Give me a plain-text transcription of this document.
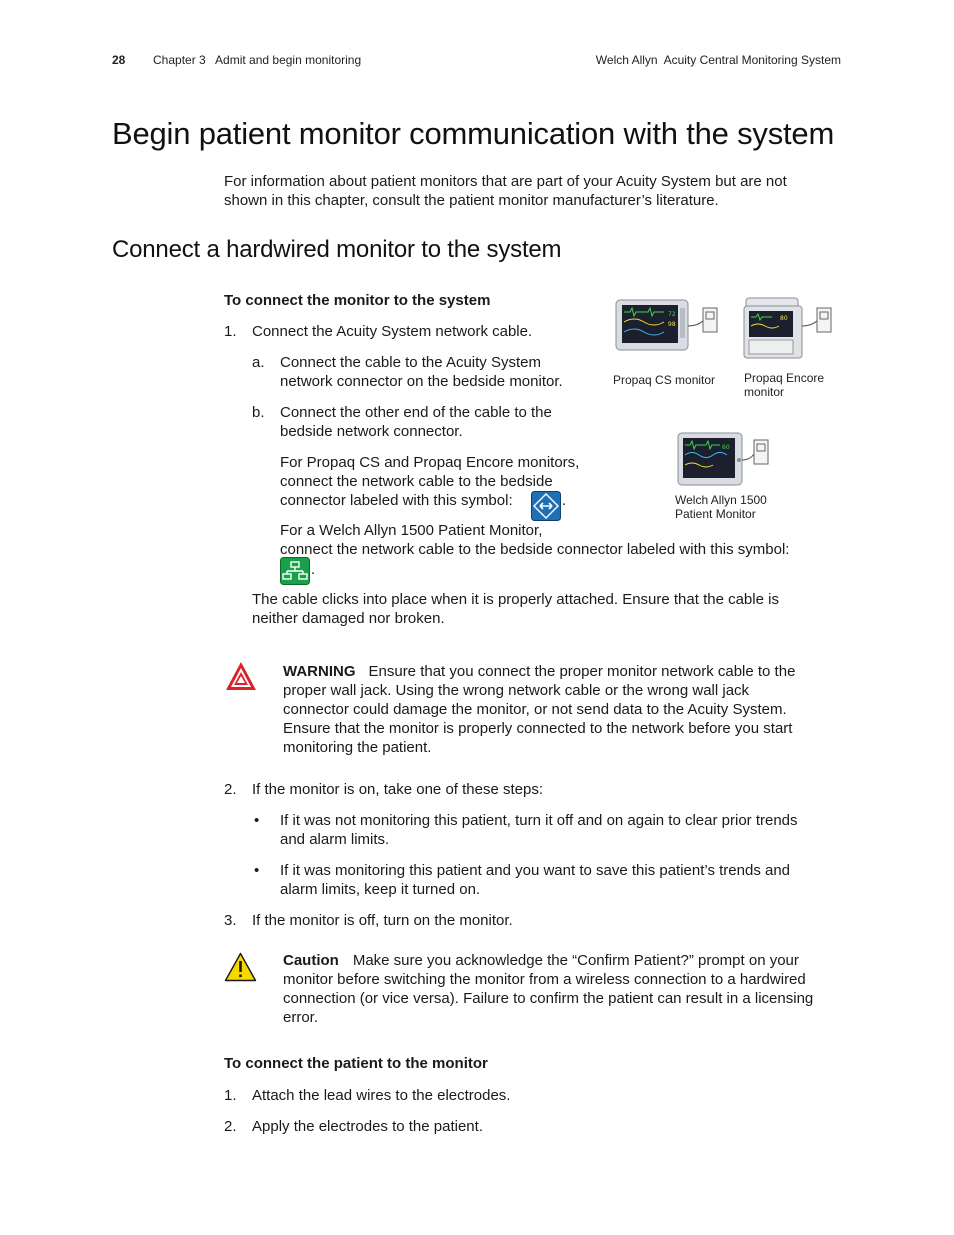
28 Chapter 3   Admit and begin monitoring	Welch Allyn  Acuity Central Monitoring System
Begin patient monitor communication with the system
For information about patient monitors that are part of your Acuity System but are not
shown in this chapter, consult the patient monitor manufacturer’s literature.
Connect a hardwired monitor to the system
To connect the monitor to the system
1. Connect the Acuity System network cable.
a. Connect the cable to the Acuity System
network connector on the bedside monitor.
b. Connect the other end of the cable to the
bedside network connector.
For Propaq CS and Propaq Encore monitors,
connect the network cable to the bedside
connector labeled with this symbol:	.
For a Welch Allyn 1500 Patient Monitor,
connect the network cable to the bedside connector labeled with this symbol:
.
The cable clicks into place when it is properly attached. Ensure that the cable is
neither damaged nor broken.
WARNING Ensure that you connect the proper monitor network cable to the
proper wall jack. Using the wrong network cable or the wrong wall jack
connector could damage the monitor, or not send data to the Acuity System.
Ensure that the monitor is properly connected to the network before you start
monitoring the patient.
2. If the monitor is on, take one of these steps:
• If it was not monitoring this patient, turn it off and on again to clear prior trends
and alarm limits.
• If it was monitoring this patient and you want to save this patient’s trends and
alarm limits, keep it turned on.
3. If the monitor is off, turn on the monitor.
Caution Make sure you acknowledge the “Confirm Patient?” prompt on your
monitor before switching the monitor from a wireless connection to a hardwired
connection (or vice versa). Failure to confirm the patient can result in a licensing
error.
To connect the patient to the monitor
1. Attach the lead wires to the electrodes.
2. Apply the electrodes to the patient.
72
98
Propaq CS monitor
80
Propaq Encore
monitor
60
Welch Allyn 1500
Patient Monitor
